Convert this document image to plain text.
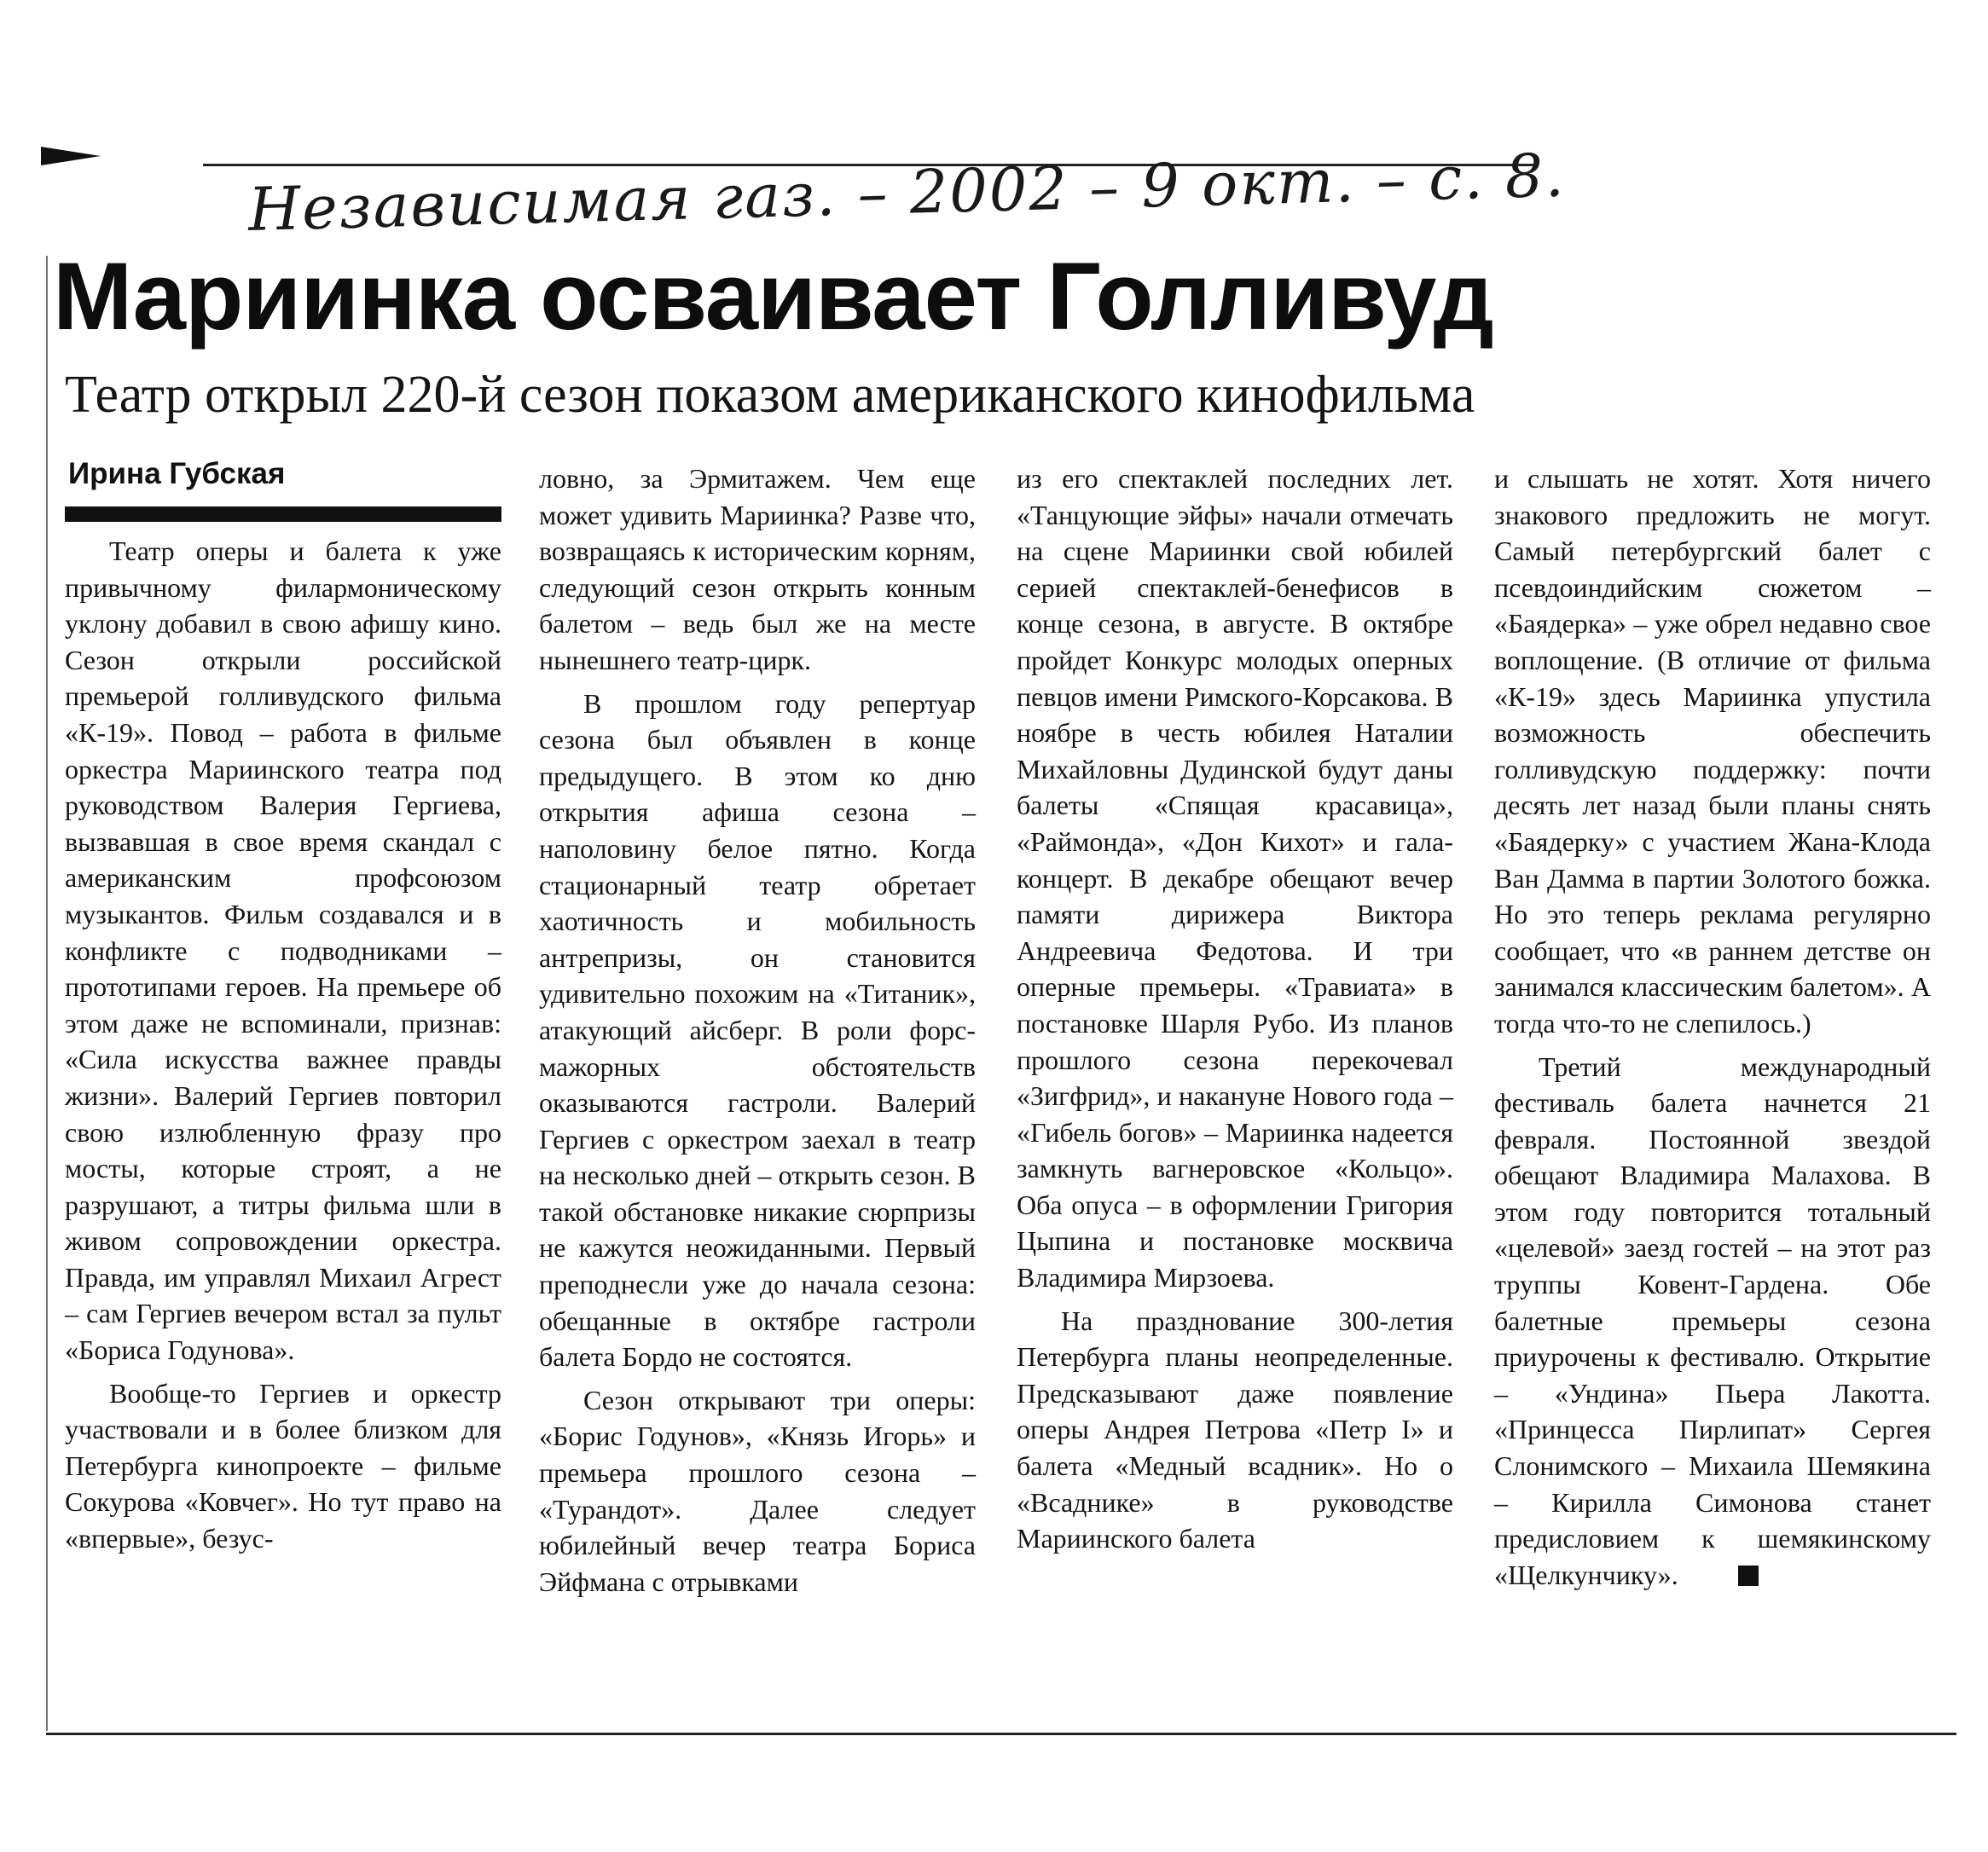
Независимая газ. – 2002 – 9 окт. – с. 8.
Мариинка осваивает Голливуд
Театр открыл 220-й сезон показом американского кинофильма
Ирина Губская

Театр оперы и балета к уже привычному филармоническому уклону добавил в свою афишу кино. Сезон открыли российской премьерой голливудского фильма «К-19». Повод – работа в фильме оркестра Мариинского театра под руководством Валерия Гергиева, вызвавшая в свое время скандал с американским профсоюзом музыкантов. Фильм создавался и в конфликте с подводниками – прототипами героев. На премьере об этом даже не вспоминали, признав: «Сила искусства важнее правды жизни». Валерий Гергиев повторил свою излюбленную фразу про мосты, которые строят, а не разрушают, а титры фильма шли в живом сопровождении оркестра. Правда, им управлял Михаил Агрест – сам Гергиев вечером встал за пульт «Бориса Годунова».

Вообще-то Гергиев и оркестр участвовали и в более близком для Петербурга кинопроекте – фильме Сокурова «Ковчег». Но тут право на «впервые», безус-

ловно, за Эрмитажем. Чем еще может удивить Мариинка? Разве что, возвращаясь к историческим корням, следующий сезон открыть конным балетом – ведь был же на месте нынешнего театр-цирк.

В прошлом году репертуар сезона был объявлен в конце предыдущего. В этом ко дню открытия афиша сезона – наполовину белое пятно. Когда стационарный театр обретает хаотичность и мобильность антрепризы, он становится удивительно похожим на «Титаник», атакующий айсберг. В роли форс-мажорных обстоятельств оказываются гастроли. Валерий Гергиев с оркестром заехал в театр на несколько дней – открыть сезон. В такой обстановке никакие сюрпризы не кажутся неожиданными. Первый преподнесли уже до начала сезона: обещанные в октябре гастроли балета Бордо не состоятся.

Сезон открывают три оперы: «Борис Годунов», «Князь Игорь» и премьера прошлого сезона – «Турандот». Далее следует юбилейный вечер театра Бориса Эйфмана с отрывками

из его спектаклей последних лет. «Танцующие эйфы» начали отмечать на сцене Мариинки свой юбилей серией спектаклей-бенефисов в конце сезона, в августе. В октябре пройдет Конкурс молодых оперных певцов имени Римского-Корсакова. В ноябре в честь юбилея Наталии Михайловны Дудинской будут даны балеты «Спящая красавица», «Раймонда», «Дон Кихот» и гала-концерт. В декабре обещают вечер памяти дирижера Виктора Андреевича Федотова. И три оперные премьеры. «Травиата» в постановке Шарля Рубо. Из планов прошлого сезона перекочевал «Зигфрид», и накануне Нового года – «Гибель богов» – Мариинка надеется замкнуть вагнеровское «Кольцо». Оба опуса – в оформлении Григория Цыпина и постановке москвича Владимира Мирзоева.

На празднование 300-летия Петербурга планы неопределенные. Предсказывают даже появление оперы Андрея Петрова «Петр I» и балета «Медный всадник». Но о «Всаднике» в руководстве Мариинского балета

и слышать не хотят. Хотя ничего знакового предложить не могут. Самый петербургский балет с псевдоиндийским сюжетом – «Баядерка» – уже обрел недавно свое воплощение. (В отличие от фильма «К-19» здесь Мариинка упустила возможность обеспечить голливудскую поддержку: почти десять лет назад были планы снять «Баядерку» с участием Жана-Клода Ван Дамма в партии Золотого божка. Но это теперь реклама регулярно сообщает, что «в раннем детстве он занимался классическим балетом». А тогда что-то не слепилось.)

Третий международный фестиваль балета начнется 21 февраля. Постоянной звездой обещают Владимира Малахова. В этом году повторится тотальный «целевой» заезд гостей – на этот раз труппы Ковент-Гардена. Обе балетные премьеры сезона приурочены к фестивалю. Открытие – «Ундина» Пьера Лакотта. «Принцесса Пирлипат» Сергея Слонимского – Михаила Шемякина – Кирилла Симонова станет предисловием к шемякинскому «Щелкунчику».
